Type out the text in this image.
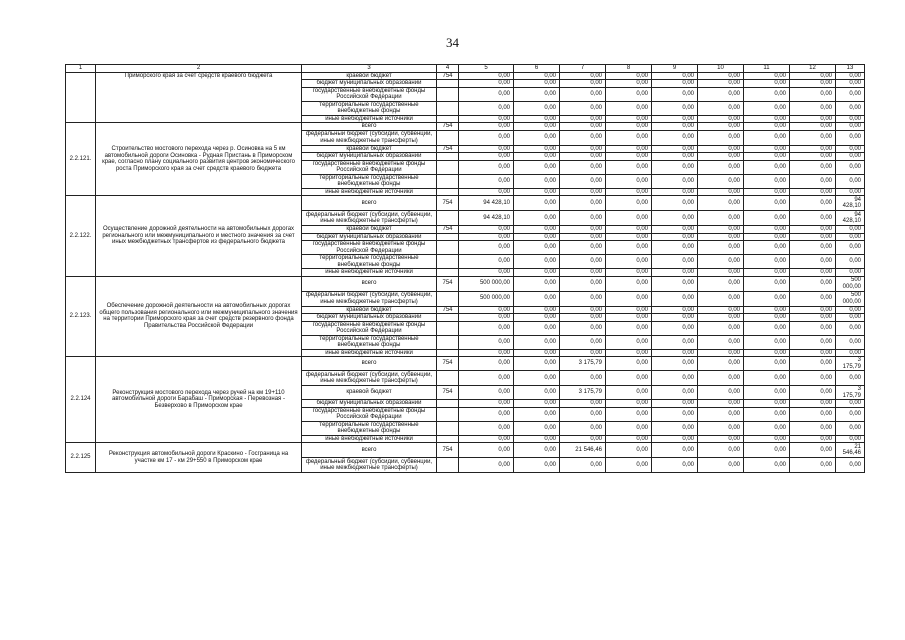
34
1	2	3	4	5	6	7	8	9	10	11	12	13
	Приморского края за счет средств краевого бюджета	краевой бюджет	754	0,00	0,00	0,00	0,00	0,00	0,00	0,00	0,00	0,00
		бюджет муниципальных образований		0,00	0,00	0,00	0,00	0,00	0,00	0,00	0,00	0,00
		государственные внебюджетные фонды Российской Федерации		0,00	0,00	0,00	0,00	0,00	0,00	0,00	0,00	0,00
		территориальные государственные внебюджетные фонды		0,00	0,00	0,00	0,00	0,00	0,00	0,00	0,00	0,00
		иные внебюджетные источники		0,00	0,00	0,00	0,00	0,00	0,00	0,00	0,00	0,00
2.2.121.	Строительство мостового перехода через р. Осиновка на 5 км автомобильной дороги Осиновка - Рудная Пристань в Приморском крае, согласно плану социального развития центров экономического роста Приморского края за счет средств краевого бюджета	всего	754	0,00	0,00	0,00	0,00	0,00	0,00	0,00	0,00	0,00
		федеральный бюджет (субсидии, субвенции, иные межбюджетные трансферты)		0,00	0,00	0,00	0,00	0,00	0,00	0,00	0,00	0,00
		краевой бюджет	754	0,00	0,00	0,00	0,00	0,00	0,00	0,00	0,00	0,00
		бюджет муниципальных образований		0,00	0,00	0,00	0,00	0,00	0,00	0,00	0,00	0,00
		государственные внебюджетные фонды Российской Федерации		0,00	0,00	0,00	0,00	0,00	0,00	0,00	0,00	0,00
		территориальные государственные внебюджетные фонды		0,00	0,00	0,00	0,00	0,00	0,00	0,00	0,00	0,00
		иные внебюджетные источники		0,00	0,00	0,00	0,00	0,00	0,00	0,00	0,00	0,00
2.2.122.	Осуществление дорожной деятельности на автомобильных дорогах регионального или межмуниципального и местного значения за счет иных межбюджетных трансфертов из федерального бюджета	всего	754	94 428,10	0,00	0,00	0,00	0,00	0,00	0,00	0,00	94 428,10
		федеральный бюджет (субсидии, субвенции, иные межбюджетные трансферты)		94 428,10	0,00	0,00	0,00	0,00	0,00	0,00	0,00	94 428,10
		краевой бюджет	754	0,00	0,00	0,00	0,00	0,00	0,00	0,00	0,00	0,00
		бюджет муниципальных образований		0,00	0,00	0,00	0,00	0,00	0,00	0,00	0,00	0,00
		государственные внебюджетные фонды Российской Федерации		0,00	0,00	0,00	0,00	0,00	0,00	0,00	0,00	0,00
		территориальные государственные внебюджетные фонды		0,00	0,00	0,00	0,00	0,00	0,00	0,00	0,00	0,00
		иные внебюджетные источники		0,00	0,00	0,00	0,00	0,00	0,00	0,00	0,00	0,00
2.2.123.	Обеспечение дорожной деятельности на автомобильных дорогах общего пользования регионального или межмуниципального значения на территории Приморского края за счет средств резервного фонда Правительства Российской Федерации	всего	754	500 000,00	0,00	0,00	0,00	0,00	0,00	0,00	0,00	500 000,00
		федеральный бюджет (субсидии, субвенции, иные межбюджетные трансферты)		500 000,00	0,00	0,00	0,00	0,00	0,00	0,00	0,00	500 000,00
		краевой бюджет	754	0,00	0,00	0,00	0,00	0,00	0,00	0,00	0,00	0,00
		бюджет муниципальных образований		0,00	0,00	0,00	0,00	0,00	0,00	0,00	0,00	0,00
		государственные внебюджетные фонды Российской Федерации		0,00	0,00	0,00	0,00	0,00	0,00	0,00	0,00	0,00
		территориальные государственные внебюджетные фонды		0,00	0,00	0,00	0,00	0,00	0,00	0,00	0,00	0,00
		иные внебюджетные источники		0,00	0,00	0,00	0,00	0,00	0,00	0,00	0,00	0,00
2.2.124	Реконструкция мостового перехода через ручей на км 19+110 автомобильной дороги Барабаш - Приморская - Перевозная - Безверхово в Приморском крае	всего	754	0,00	0,00	3 175,79	0,00	0,00	0,00	0,00	0,00	3 175,79
		федеральный бюджет (субсидии, субвенции, иные межбюджетные трансферты)		0,00	0,00	0,00	0,00	0,00	0,00	0,00	0,00	0,00
		краевой бюджет	754	0,00	0,00	3 175,79	0,00	0,00	0,00	0,00	0,00	3 175,79
		бюджет муниципальных образований		0,00	0,00	0,00	0,00	0,00	0,00	0,00	0,00	0,00
		государственные внебюджетные фонды Российской Федерации		0,00	0,00	0,00	0,00	0,00	0,00	0,00	0,00	0,00
		территориальные государственные внебюджетные фонды		0,00	0,00	0,00	0,00	0,00	0,00	0,00	0,00	0,00
		иные внебюджетные источники		0,00	0,00	0,00	0,00	0,00	0,00	0,00	0,00	0,00
2.2.125	Реконструкция автомобильной дороги Краскино - Госграница на участке км 17 - км 29+550 в Приморском крае	всего	754	0,00	0,00	21 546,46	0,00	0,00	0,00	0,00	0,00	21 546,46
		федеральный бюджет (субсидии, субвенции, иные межбюджетные трансферты)		0,00	0,00	0,00	0,00	0,00	0,00	0,00	0,00	0,00
